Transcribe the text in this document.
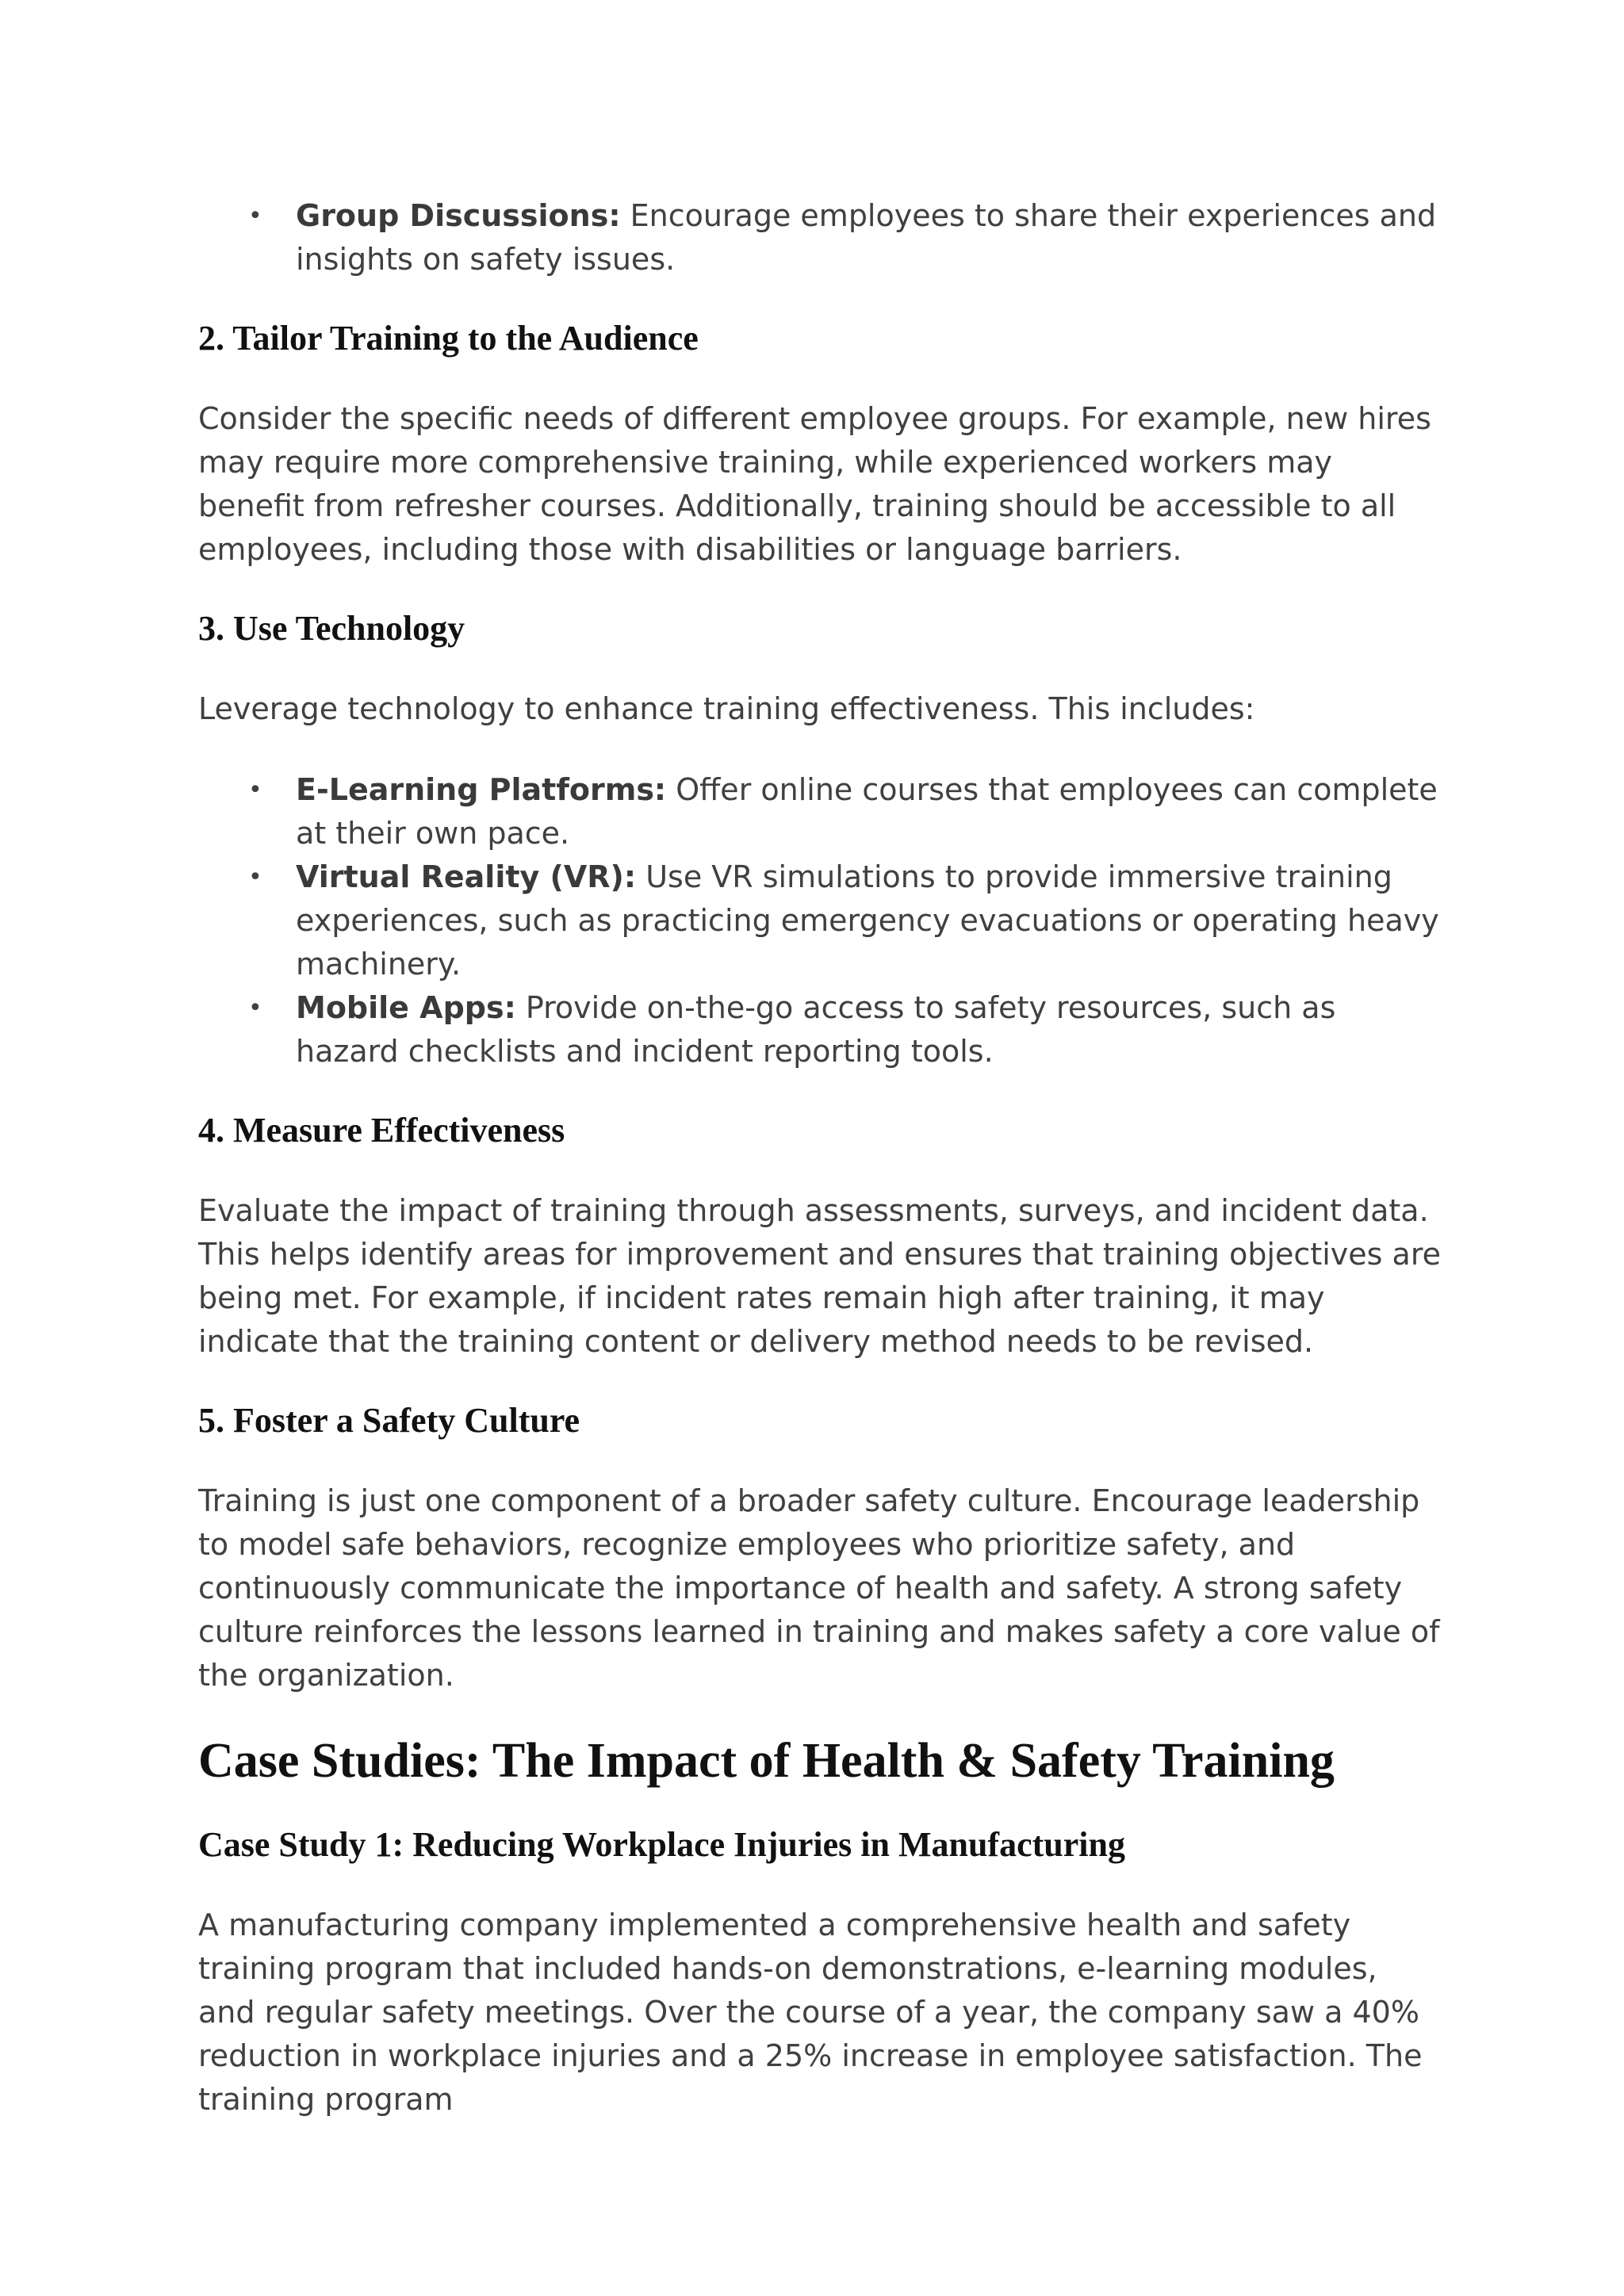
• Group Discussions: Encourage employees to share their experiences and insights on safety issues.
2. Tailor Training to the Audience

Consider the specific needs of different employee groups. For example, new hires may require more comprehensive training, while experienced workers may benefit from refresher courses. Additionally, training should be accessible to all employees, including those with disabilities or language barriers.

3. Use Technology

Leverage technology to enhance training effectiveness. This includes:

• E-Learning Platforms: Offer online courses that employees can complete at their own pace.
• Virtual Reality (VR): Use VR simulations to provide immersive training experiences, such as practicing emergency evacuations or operating heavy machinery.
• Mobile Apps: Provide on-the-go access to safety resources, such as hazard checklists and incident reporting tools.
4. Measure Effectiveness

Evaluate the impact of training through assessments, surveys, and incident data. This helps identify areas for improvement and ensures that training objectives are being met. For example, if incident rates remain high after training, it may indicate that the training content or delivery method needs to be revised.

5. Foster a Safety Culture

Training is just one component of a broader safety culture. Encourage leadership to model safe behaviors, recognize employees who prioritize safety, and continuously communicate the importance of health and safety. A strong safety culture reinforces the lessons learned in training and makes safety a core value of the organization.

Case Studies: The Impact of Health & Safety Training
Case Study 1: Reducing Workplace Injuries in Manufacturing

A manufacturing company implemented a comprehensive health and safety training program that included hands-on demonstrations, e-learning modules, and regular safety meetings. Over the course of a year, the company saw a 40% reduction in workplace injuries and a 25% increase in employee satisfaction. The training program
